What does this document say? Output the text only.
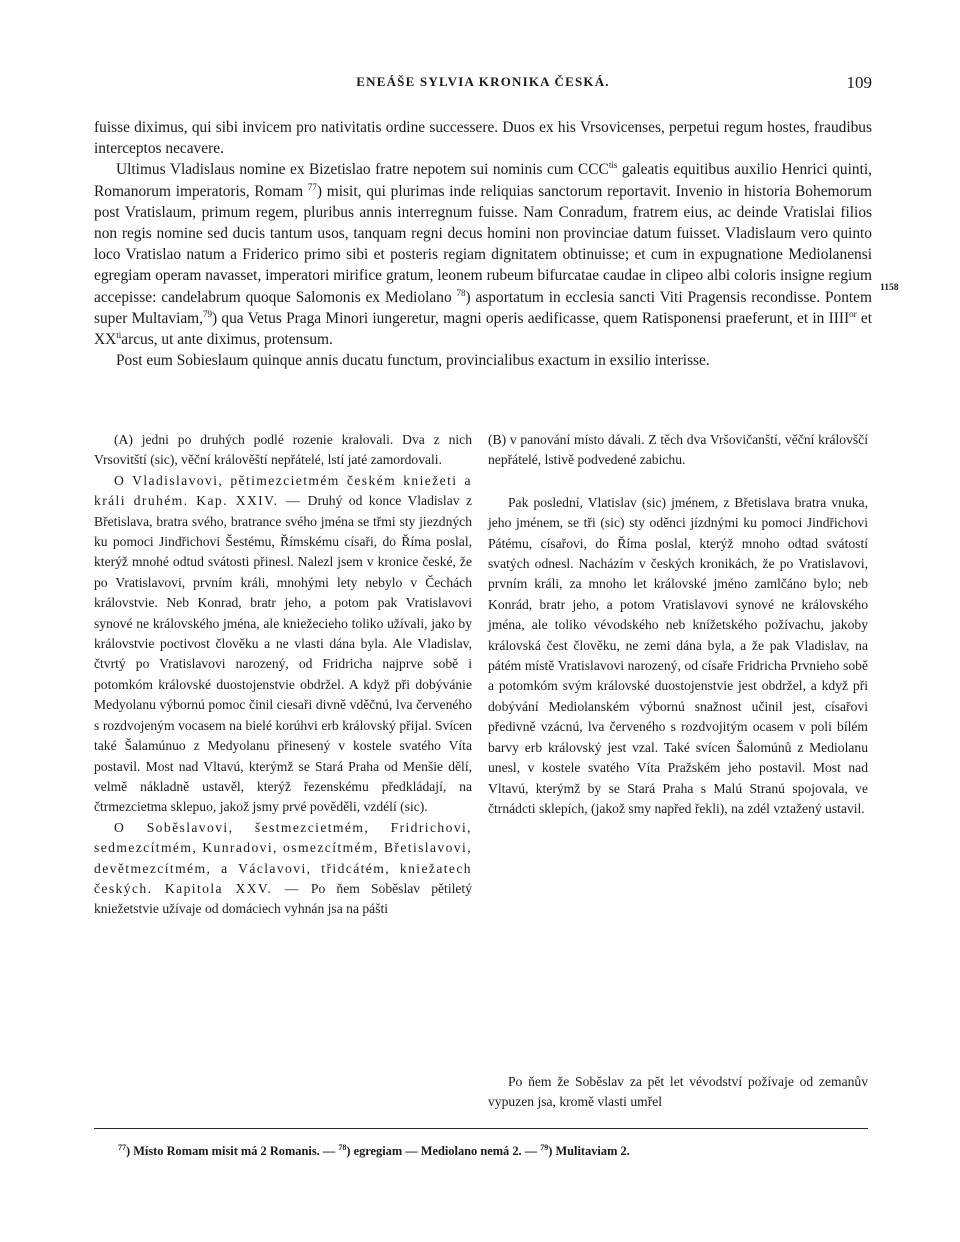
ENEÁŠE SYLVIA KRONIKA ČESKÁ.	109

fuisse diximus, qui sibi invicem pro nativitatis ordine successere. Duos ex his Vrsovicenses, perpetui regum hostes, fraudibus interceptos necavere.

Ultimus Vladislaus nomine ex Bizetislao fratre nepotem sui nominis cum $CCC^{tis}$ galeatis equitibus auxilio Henrici quinti, Romanorum imperatoris, Romam $^{77}$) misit, qui plurimas inde reliquias sanctorum reportavit. Invenio in historia Bohemorum post Vratislaum, primum regem, pluribus annis interregnum fuisse. Nam Conradum, fratrem eius, ac deinde Vratislai filios non regis nomine sed ducis tantum usos, tanquam regni decus homini non provinciae datum fuisset. Vladislaum vero quinto loco Vratislao natum a Friderico primo sibi et posteris regiam dignitatem obtinuisse; et cum in expugnatione Mediolanensi egregiam operam navasset, imperatori mirifice gratum, leonem rubeum bifurcatae caudae in clipeo albi coloris insigne regium accepisse: candelabrum quoque Salomonis ex Mediolano $^{78}$) asportatum in ecclesia sancti Viti Pragensis recondisse. Pontem super Multaviam,$^{79}$) qua Vetus Praga Minori iungeretur, magni operis aedificasse, quem Ratisponensi praeferunt, et in $IIII^{or}$ et $XX^{ti}arcus$, ut ante diximus, protensum.

Post eum Sobieslaum quinque annis ducatu functum, provincialibus exactum in exsilio interisse.

1158

(A) jedni po druhých podlé rozenie kralovali. Dva z nich Vrsovitští (sic), věční králověští nepřátelé, lstí jaté zamordovali.

O Vladislavovi, pětimezcietmém českém kniežeti a králi druhém. Kap. XXIV. — Druhý od konce Vladislav z Břetislava, bratra svého, bratrance svého jména se třmi sty jiezdných ku pomoci Jindřichovi Šestému, Římskému císaři, do Říma poslal, kterýž mnohé odtud svátosti přinesl. Nalezl jsem v kronice české, že po Vratislavovi, prvním králi, mnohými lety nebylo v Čechách královstvie. Neb Konrad, bratr jeho, a potom pak Vratislavovi synové ne královského jména, ale kniežecieho toliko užívali, jako by královstvie poctivost člověku a ne vlasti dána byla. Ale Vladislav, čtvrtý po Vratislavovi narozený, od Fridricha najprve sobě i potomkóm královské duostojenstvie obdržel. A když při dobývánie Medyolanu výbornú pomoc činil ciesaři divně vděčnú, lva červeného s rozdvojeným vocasem na bielé korúhvi erb královský přijal. Svícen také Šalamúnuo z Medyolanu přinesený v kostele svatého Víta postavil. Most nad Vltavú, kterýmž se Stará Praha od Menšie dělí, velmě nákladně ustavěl, kterýž řezenskému předkládají, na čtrmezcietma sklepuo, jakož jsmy prvé pověděli, vzdélí (sic).

O Soběslavovi, šestmezcietmém, Fridrichovi, sedmezcítmém, Kunradovi, osmezcítmém, Břetislavovi, devětmezcítmém, a Václavovi, třidcátém, kniežatech českých. Kapitola XXV. — Po ňem Soběslav pětiletý kniežetstvie užívaje od domáciech vyhnán jsa na pášti

(B) v panování místo dávali. Z těch dva Vršovičanští, věční královščí nepřátelé, lstivě podvedené zabichu.

Pak poslední, Vlatislav (sic) jménem, z Břetislava bratra vnuka, jeho jménem, se tři (sic) sty oděnci jízdnými ku pomoci Jindřichovi Pátému, císařovi, do Říma poslal, kterýž mnoho odtad svátostí svatých odnesl. Nacházím v českých kronikách, že po Vratislavovi, prvním králi, za mnoho let královské jméno zamlčáno bylo; neb Konrád, bratr jeho, a potom Vratislavovi synové ne královského jména, ale toliko vévodského neb knížetského požívachu, jakoby královská čest člověku, ne zemi dána byla, a že pak Vladislav, na pátém místě Vratislavovi narozený, od císaře Fridricha Prvnieho sobě a potomkóm svým královské duostojenstvie jest obdržel, a když při dobývání Mediolanském výbornú snažnost učinil jest, císařovi předivně vzácnú, lva červeného s rozdvojitým ocasem v poli bílém barvy erb královský jest vzal. Také svícen Šalomúnů z Mediolanu unesl, v kostele svatého Víta Pražském jeho postavil. Most nad Vltavú, kterýmž by se Stará Praha s Malú Stranú spojovala, ve čtrnádcti sklepích, (jakož smy napřed řekli), na zdél vztažený ustavil.

Po ňem že Soběslav za pět let vévodství požívaje od zemanův vypuzen jsa, kromě vlasti umřel

$^{77}$) Místo Romam misit má 2 Romanis. — $^{78}$) egregiam — Mediolano nemá 2. — $^{79}$) Mulitaviam 2.
